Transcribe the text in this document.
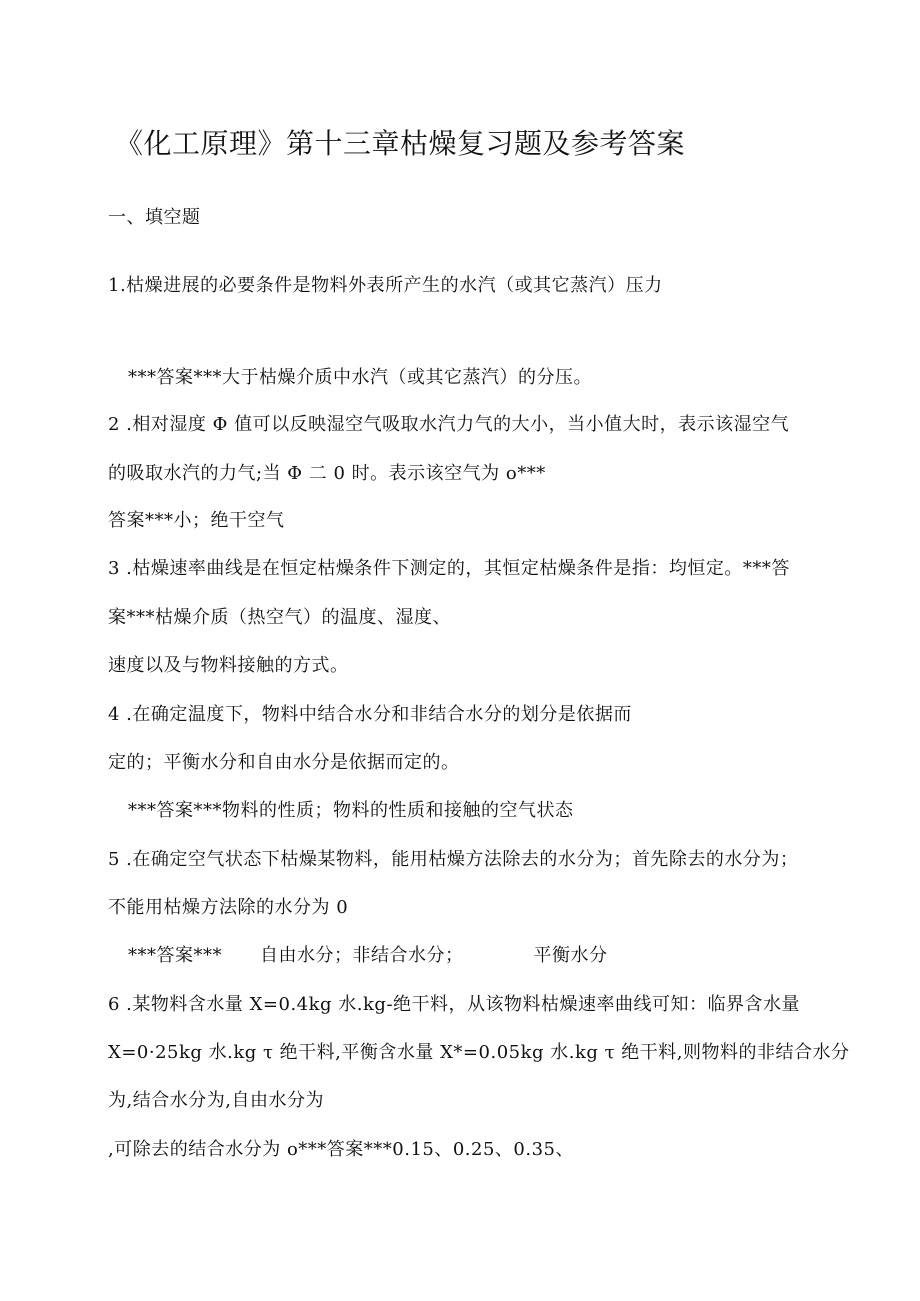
《化工原理》第十三章枯燥复习题及参考答案
一、填空题
1.枯燥进展的必要条件是物料外表所产生的水汽（或其它蒸汽）压力
***答案***大于枯燥介质中水汽（或其它蒸汽）的分压。
2 .相对湿度 Φ 值可以反映湿空气吸取水汽力气的大小，当小值大时，表示该湿空气
的吸取水汽的力气;当 Φ 二 0 时。表示该空气为 o***
答案***小；绝干空气
3 .枯燥速率曲线是在恒定枯燥条件下测定的，其恒定枯燥条件是指：均恒定。***答
案***枯燥介质（热空气）的温度、湿度、
速度以及与物料接触的方式。
4 .在确定温度下，物料中结合水分和非结合水分的划分是依据而
定的；平衡水分和自由水分是依据而定的。
***答案***物料的性质；物料的性质和接触的空气状态
5 .在确定空气状态下枯燥某物料，能用枯燥方法除去的水分为；首先除去的水分为；
不能用枯燥方法除的水分为 0
***答案*** 自由水分；非结合水分；	平衡水分
6 .某物料含水量 X=0.4kg 水.kg-绝干料，从该物料枯燥速率曲线可知：临界含水量
X=0·25kg 水.kg τ 绝干料,平衡含水量 X*=0.05kg 水.kg τ 绝干料,则物料的非结合水分
为,结合水分为,自由水分为
,可除去的结合水分为 o***答案***0.15、0.25、0.35、
